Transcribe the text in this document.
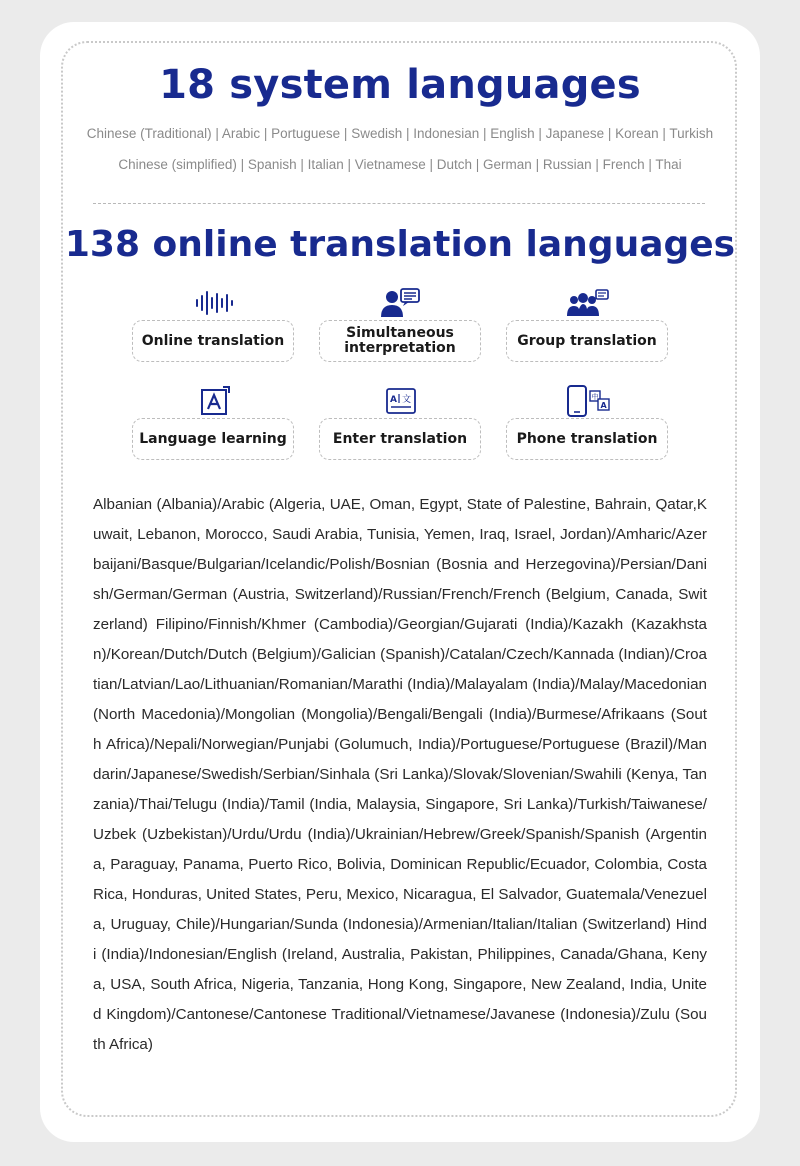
18 system languages
Chinese (Traditional) | Arabic | Portuguese | Swedish | Indonesian | English | Japanese | Korean | Turkish
Chinese (simplified) | Spanish | Italian | Vietnamese | Dutch | German | Russian | French | Thai
138 online translation languages
Online translation	Simultaneous interpretation	Group translation
Language learning
A 文
Enter translation
中
A
Phone translation

Albanian (Albania)/Arabic (Algeria, UAE, Oman, Egypt, State of Palestine, Bahrain, Qatar,Kuwait, Lebanon, Morocco, Saudi Arabia, Tunisia, Yemen, Iraq, Israel, Jordan)/Amharic/Azerbaijani/Basque/Bulgarian/Icelandic/Polish/Bosnian (Bosnia and Herzegovina)/Persian/Danish/German/German (Austria, Switzerland)/Russian/French/French (Belgium, Canada, Switzerland) Filipino/Finnish/Khmer (Cambodia)/Georgian/Gujarati (India)/Kazakh (Kazakhstan)/Korean/Dutch/Dutch (Belgium)/Galician (Spanish)/Catalan/Czech/Kannada (Indian)/Croatian/Latvian/Lao/Lithuanian/Romanian/Marathi (India)/Malayalam (India)/Malay/Macedonian (North Macedonia)/Mongolian (Mongolia)/Bengali/Bengali (India)/Burmese/Afrikaans (South Africa)/Nepali/Norwegian/Punjabi (Golumuch, India)/Portuguese/Portuguese (Brazil)/Mandarin/Japanese/Swedish/Serbian/Sinhala (Sri Lanka)/Slovak/Slovenian/Swahili (Kenya, Tanzania)/Thai/Telugu (India)/Tamil (India, Malaysia, Singapore, Sri Lanka)/Turkish/Taiwanese/Uzbek (Uzbekistan)/Urdu/Urdu (India)/Ukrainian/Hebrew/Greek/Spanish/Spanish (Argentina, Paraguay, Panama, Puerto Rico, Bolivia, Dominican Republic/Ecuador, Colombia, Costa Rica, Honduras, United States, Peru, Mexico, Nicaragua, El Salvador, Guatemala/Venezuela, Uruguay, Chile)/Hungarian/Sunda (Indonesia)/Armenian/Italian/Italian (Switzerland) Hindi (India)/Indonesian/English (Ireland, Australia, Pakistan, Philippines, Canada/Ghana, Kenya, USA, South Africa, Nigeria, Tanzania, Hong Kong, Singapore, New Zealand, India, United Kingdom)/Cantonese/Cantonese Traditional/Vietnamese/Javanese (Indonesia)/Zulu (South Africa)
